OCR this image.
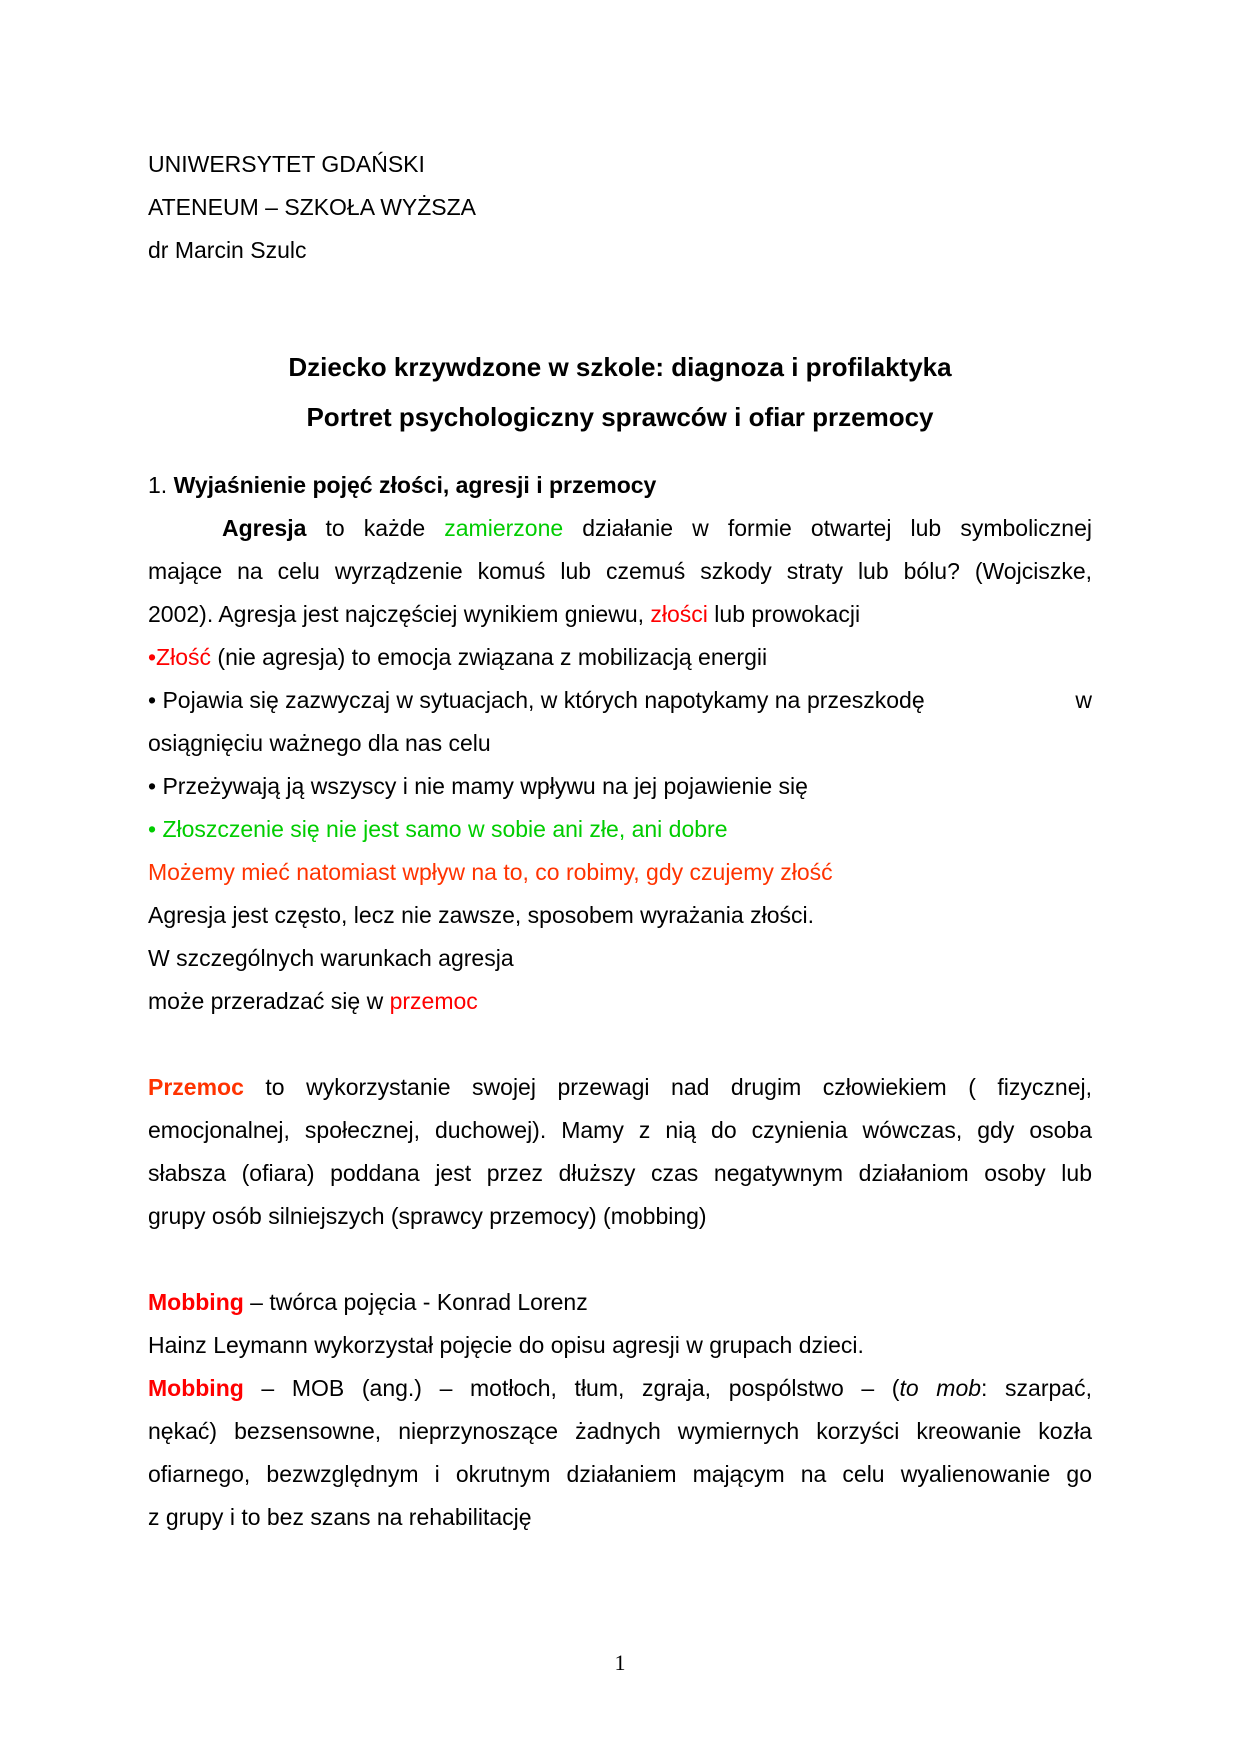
UNIWERSYTET GDAŃSKI
ATENEUM – SZKOŁA WYŻSZA
dr Marcin Szulc
Dziecko krzywdzone w szkole: diagnoza i profilaktyka
Portret psychologiczny sprawców i ofiar przemocy
1. Wyjaśnienie pojęć złości, agresji i przemocy
Agresja to każde zamierzone działanie w formie otwartej lub symbolicznej
mające na celu wyrządzenie komuś lub czemuś szkody straty lub bólu? (Wojciszke,
2002). Agresja jest najczęściej wynikiem gniewu, złości lub prowokacji
•Złość (nie agresja) to emocja związana z mobilizacją energii
• Pojawia się zazwyczaj w sytuacjach, w których napotykamy na przeszkodę	w
osiągnięciu ważnego dla nas celu
• Przeżywają ją wszyscy i nie mamy wpływu na jej pojawienie się
• Złoszczenie się nie jest samo w sobie ani złe, ani dobre
Możemy mieć natomiast wpływ na to, co robimy, gdy czujemy złość
Agresja jest często, lecz nie zawsze, sposobem wyrażania złości.
W szczególnych warunkach agresja
może przeradzać się w przemoc
Przemoc to wykorzystanie swojej przewagi nad drugim człowiekiem ( fizycznej,
emocjonalnej, społecznej, duchowej). Mamy z nią do czynienia wówczas, gdy osoba
słabsza (ofiara) poddana jest przez dłuższy czas negatywnym działaniom osoby lub
grupy osób silniejszych (sprawcy przemocy) (mobbing)
Mobbing – twórca pojęcia - Konrad Lorenz
Hainz Leymann wykorzystał pojęcie do opisu agresji w grupach dzieci.
Mobbing – MOB (ang.) – motłoch, tłum, zgraja, pospólstwo – (to mob: szarpać,
nękać) bezsensowne, nieprzynoszące żadnych wymiernych korzyści kreowanie kozła
ofiarnego, bezwzględnym i okrutnym działaniem mającym na celu wyalienowanie go
z grupy i to bez szans na rehabilitację
1
